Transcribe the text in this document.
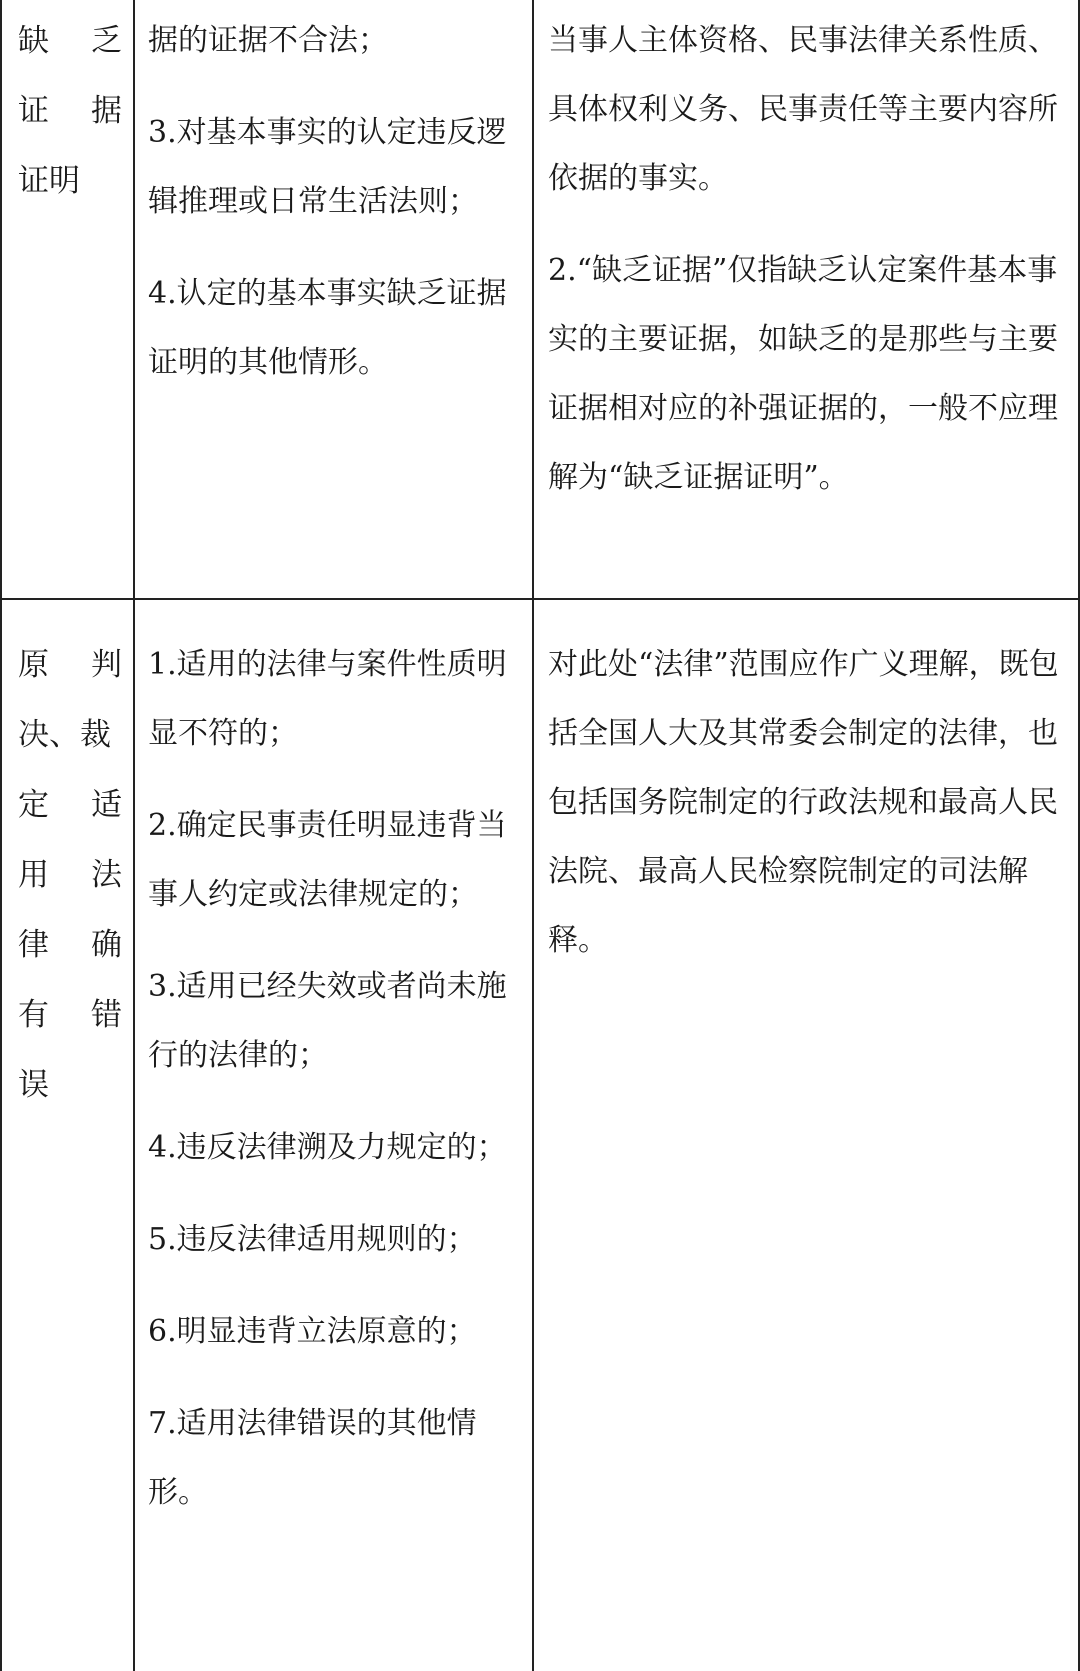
缺 乏
证 据
证明

据的证据不合法；

3.对基本事实的认定违反逻辑推理或日常生活法则；

4.认定的基本事实缺乏证据证明的其他情形。

当事人主体资格、民事法律关系性质、具体权利义务、民事责任等主要内容所依据的事实。

2.“缺乏证据”仅指缺乏认定案件基本事实的主要证据，如缺乏的是那些与主要证据相对应的补强证据的，一般不应理解为“缺乏证据证明”。

原 判
决、裁
定 适
用 法
律 确
有 错
误

1.适用的法律与案件性质明显不符的；

2.确定民事责任明显违背当事人约定或法律规定的；

3.适用已经失效或者尚未施行的法律的；

4.违反法律溯及力规定的；

5.违反法律适用规则的；

6.明显违背立法原意的；

7.适用法律错误的其他情形。

对此处“法律”范围应作广义理解，既包括全国人大及其常委会制定的法律，也包括国务院制定的行政法规和最高人民法院、最高人民检察院制定的司法解释。
